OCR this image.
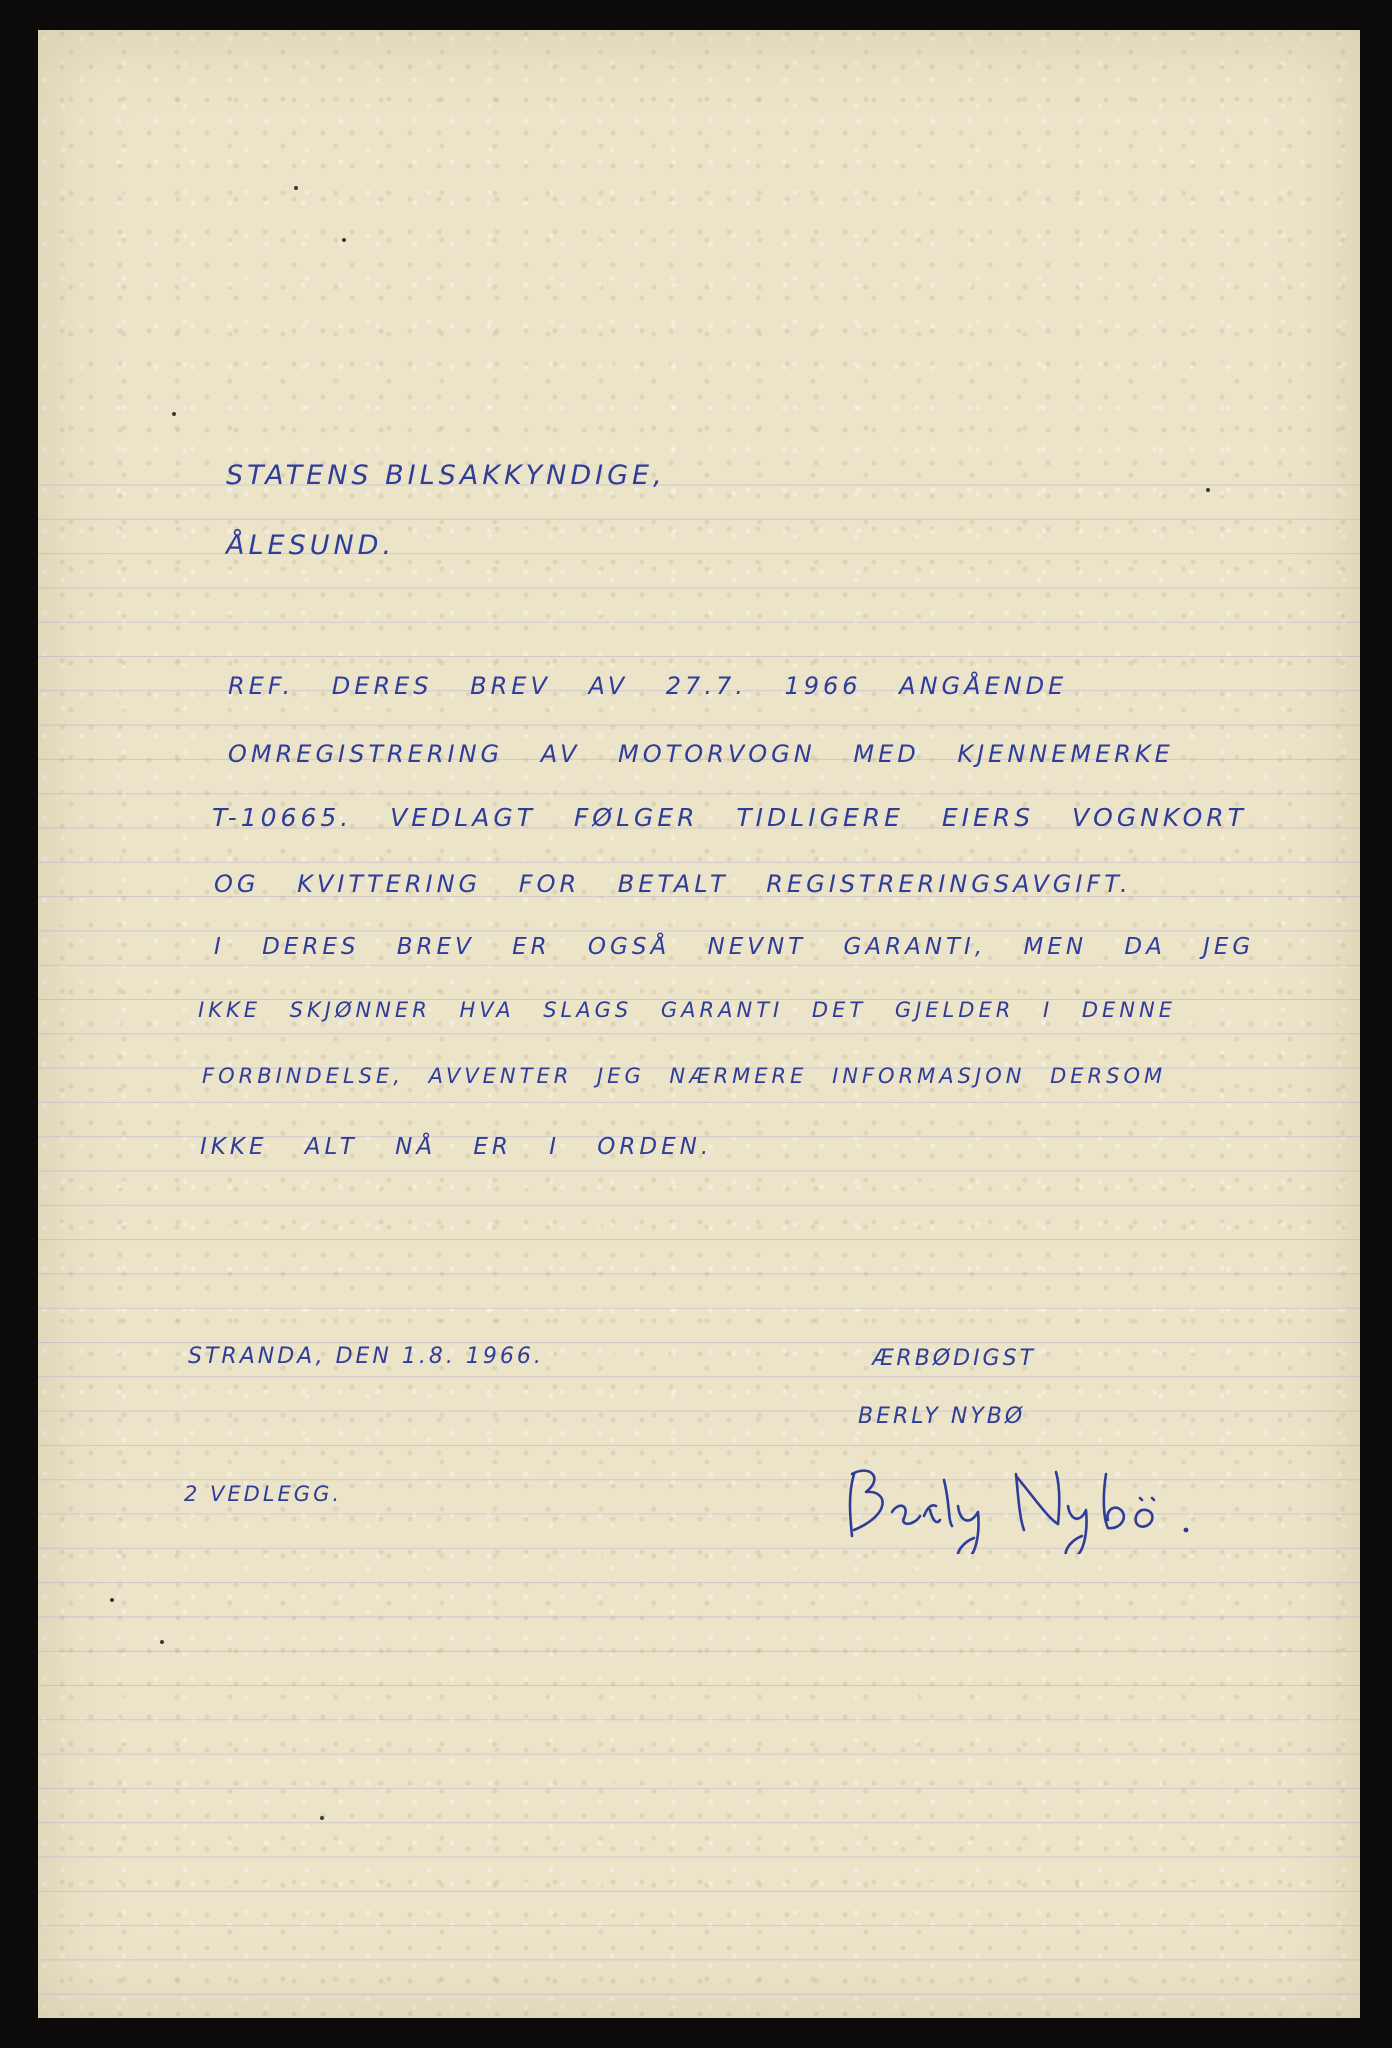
STATENS BILSAKKYNDIGE,
ÅLESUND.
REF. DERES BREV AV 27.7. 1966 ANGÅENDE
OMREGISTRERING AV MOTORVOGN MED KJENNEMERKE
T-10665. VEDLAGT FØLGER TIDLIGERE EIERS VOGNKORT
OG KVITTERING FOR BETALT REGISTRERINGSAVGIFT.
I DERES BREV ER OGSÅ NEVNT GARANTI, MEN DA JEG
IKKE SKJØNNER HVA SLAGS GARANTI DET GJELDER I DENNE
FORBINDELSE, AVVENTER JEG NÆRMERE INFORMASJON DERSOM
IKKE ALT NÅ ER I ORDEN.
STRANDA, DEN 1.8. 1966.	ÆRBØDIGST
BERLY NYBØ
2 VEDLEGG.
